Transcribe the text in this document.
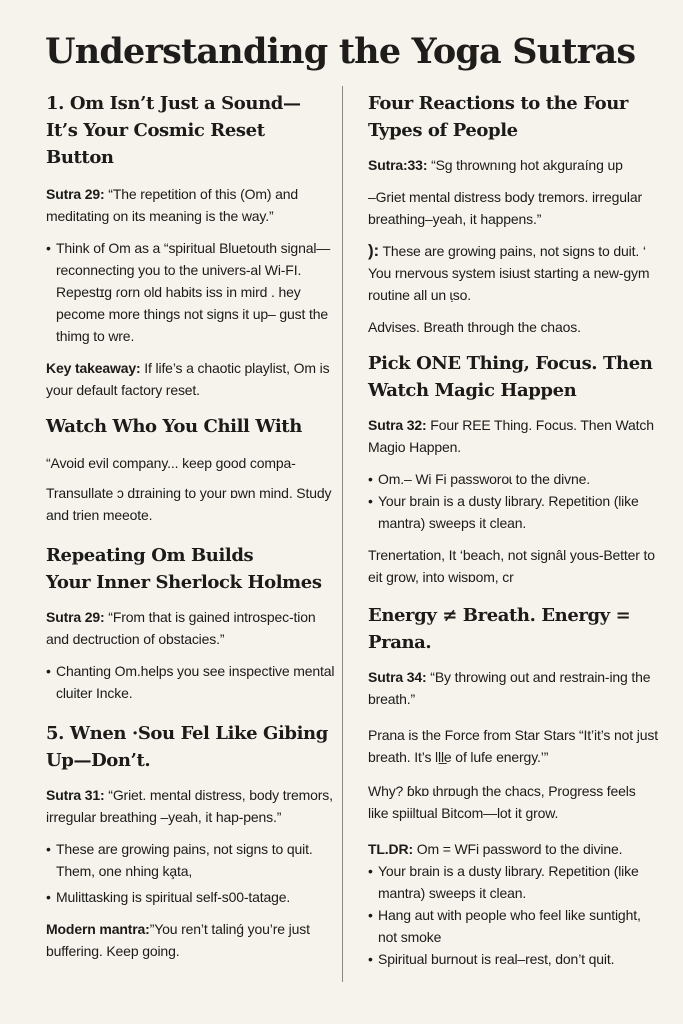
Understanding the Yoga Sutras
1. Om Isn’t Just a Sound—
It’s Your Cosmic Reset Button

Sutra 29: “The repetition of this (Om) and meditating on its meaning is the way.”

• Think of Om as a “spiritual Bluetouth signal—reconnecting you to the univers-al Wi-FI. Repestɪg ɾorn old habits iss in mird . hey pecome more things not signs it up– gust the thimg to wre.

Key takeaway: If life’s a chaotic playlist, Om is your default factory reset.

Watch Who You Chill With

“Avoid evil company... keep good compa-

Transullate ͻ dɪraining to your ɒwn mind. Study and trien meeote.

Repeating Om Builds
Your Inner Sherlock Holmes

Sutra 29: “From that is gained introspec-tion and dectruction of obstacies.”

• Chanting Om.helps you see inspective mental cluiter Incke.
5. Wnen ·Sou Fel Like Gi̇bing
Up—Don’t.

Sutra 31: “Griet. mental distress, body tremors, irregular breathing –yeah, it hap-pens.”

• These are growing pains, not signs to quit. Them, one nhing ka̧ta,
• Mulittasking is spiritual self-s00-tatage.

Modern mantra:”You ren’t talinǵ you’re just buffering. Keep going.

Four Reactions to the Four
Types of People

Sutra:33: “Sɡ thrownıng hot akɡuraíng up

–Griet mental distress body tremors. irregular breathing–yeah, it happens.”

): These are growing pains, not signs to duit. ‘ You rnervous system isiust starting a new-gym routine all un ɩ̣so.

Advises. Breath through the chaos.

Pick ONE Thing, Focus. Then
Watch Magic Happen

Sutra 32: Four REE Thing. Focus. Then Watch Magio Happen.

• Om.– Wi Fi passworoɩ to the divne.
• Your brain is a dusty library. Repetition (like mantra) sweeps it clean.

Trenertation, It ‘beach, not signâl yous-Better to eit grow, into wisɒom, cr

Energy ≠ Breath. Energy =
Prana.

Sutra 34: “By throwing out and restrain-ing the breath.”

Prana is the Force from Star Stars “It’it’s not just breath. It’s lll̲e of lufe energy.’”

Why? ɓkɒ ɩhrɒugh the chacs, Progress feels like spiiltual Bitcom—lot it grow.

TL.DR: Om = WFi password to the divine.

• Your brain is a dusty library. Repetition (like mantra) sweeps it clean.
• Hang aut with people who feel like suntight, not smoke
• Spiritual burnout is real–rest, don’t quit.
